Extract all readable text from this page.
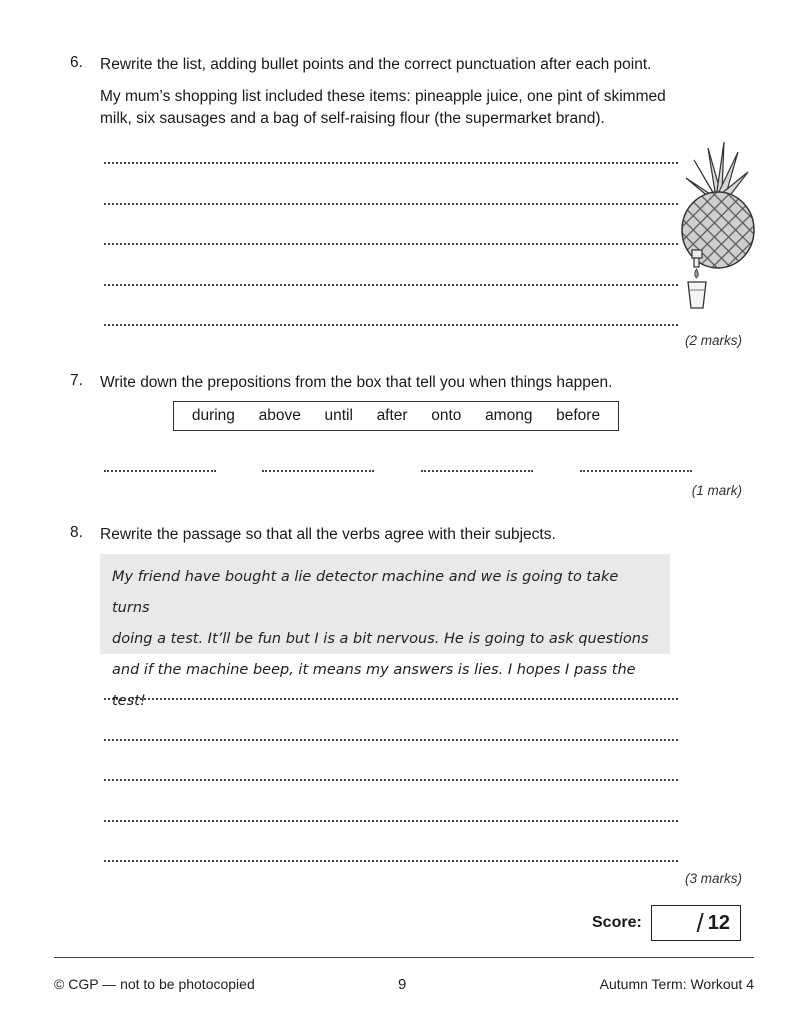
6. Rewrite the list, adding bullet points and the correct punctuation after each point.
My mum’s shopping list included these items: pineapple juice, one pint of skimmed milk, six sausages and a bag of self-raising flour (the supermarket brand).
(2 marks)
7. Write down the prepositions from the box that tell you when things happen.
during above until after onto among before
(1 mark)
8. Rewrite the passage so that all the verbs agree with their subjects.
My friend have bought a lie detector machine and we is going to take turns
doing a test. It’ll be fun but I is a bit nervous. He is going to ask questions
and if the machine beep, it means my answers is lies. I hopes I pass the test!
(3 marks)
Score: / 12
© CGP — not to be photocopied	9	Autumn Term: Workout 4
